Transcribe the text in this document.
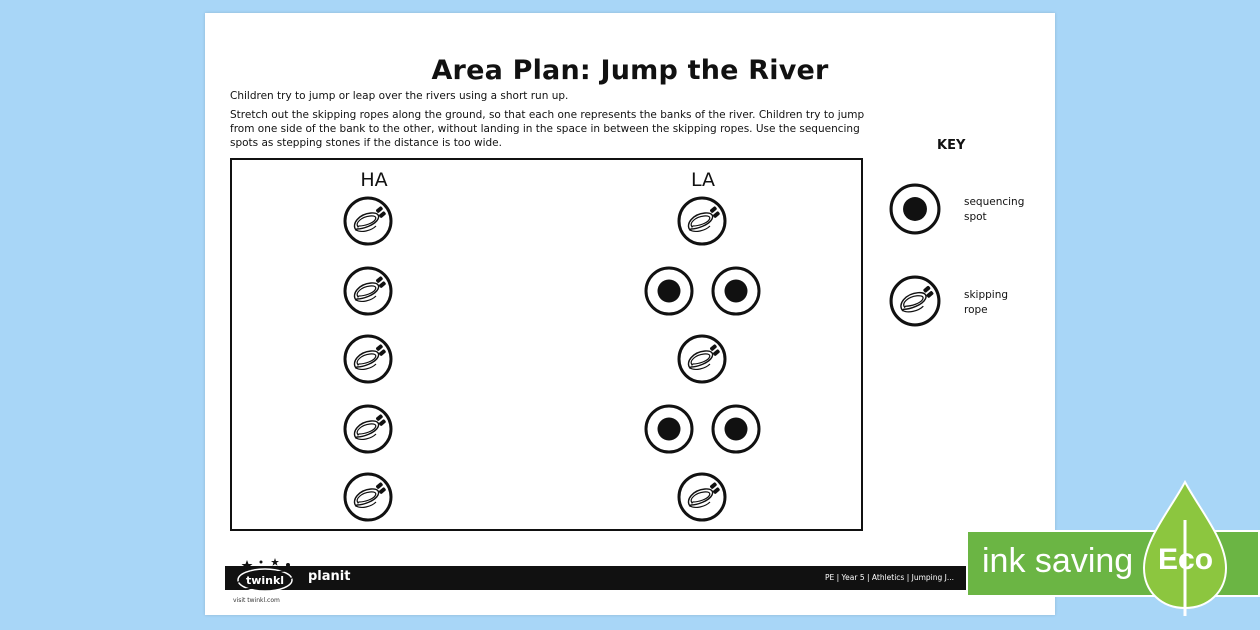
Area Plan: Jump the River

Children try to jump or leap over the rivers using a short run up.

Stretch out the skipping ropes along the ground, so that each one represents the banks of the river. Children try to jump from one side of the bank to the other, without landing in the space in between the skipping ropes. Use the sequencing spots as stepping stones if the distance is too wide.

HA	LA
KEY
sequencing spot
skipping rope
twinkl planit	PE | Year 5 | Athletics | Jumping J...
visit twinkl.com
ink saving Eco
